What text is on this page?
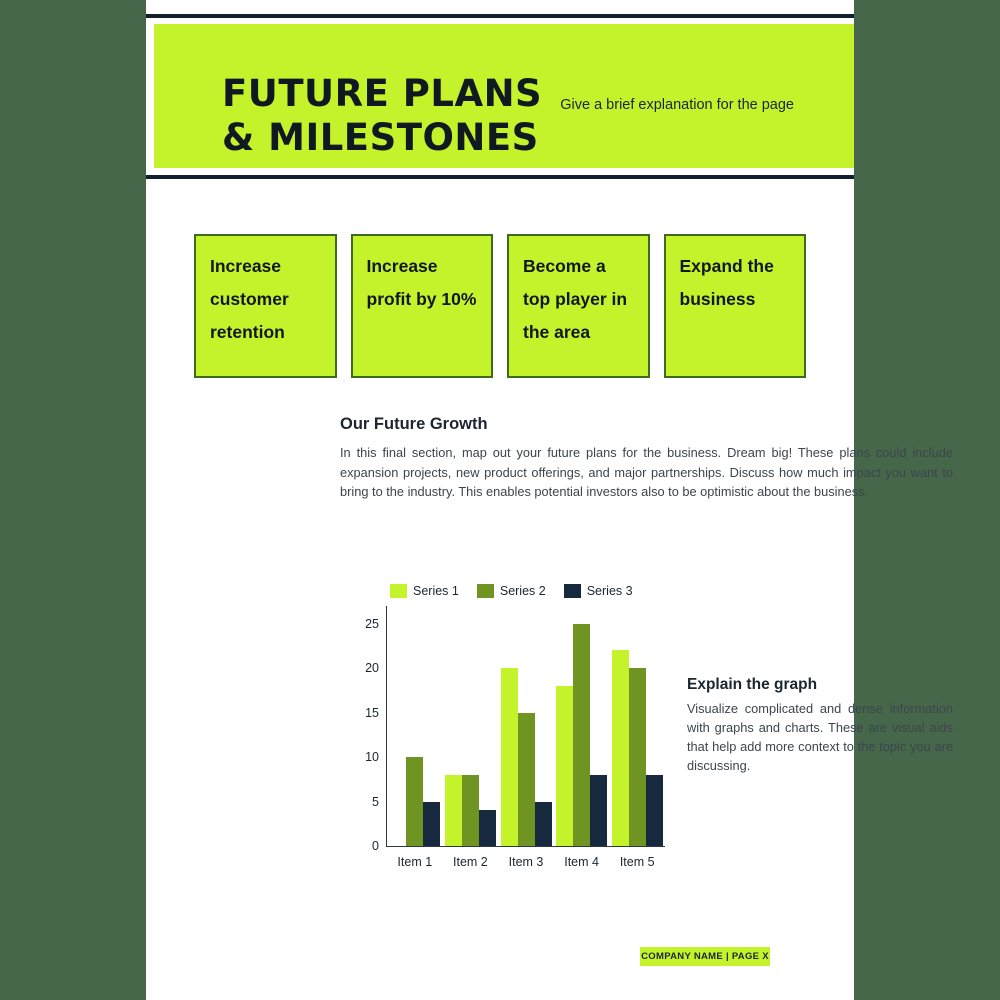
FUTURE PLANS & MILESTONES
Give a brief explanation for the page
Increase customer retention
Increase profit by 10%
Become a top player in the area
Expand the business
Our Future Growth
In this final section, map out your future plans for the business. Dream big! These plans could include expansion projects, new product offerings, and major partnerships. Discuss how much impact you want to bring to the industry. This enables potential investors also to be optimistic about the business.
Series 1	Series 2	Series 3
0
5
10
15
20
25
Item 1 Item 2 Item 3 Item 4 Item 5
Explain the graph
Visualize complicated and dense information with graphs and charts. These are visual aids that help add more context to the topic you are discussing.
COMPANY NAME | PAGE X
